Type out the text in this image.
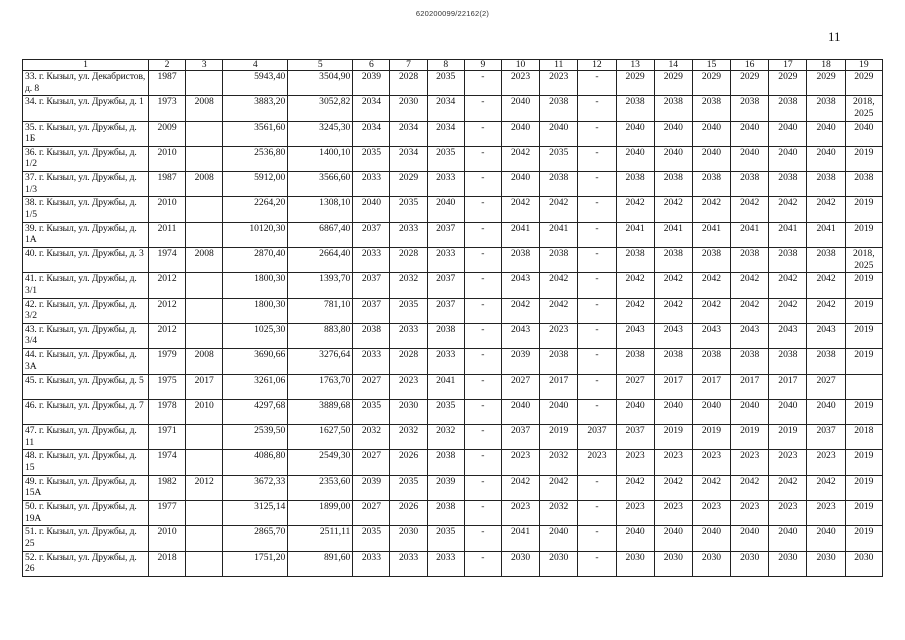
620200099/22162(2)
11
1	2	3	4	5	6	7	8	9	10	11	12	13	14	15	16	17	18	19
33. г. Кызыл, ул. Декабристов, д. 8	1987		5943,40	3504,90	2039	2028	2035	-	2023	2023	-	2029	2029	2029	2029	2029	2029	2029
34. г. Кызыл, ул. Дружбы, д. 1	1973	2008	3883,20	3052,82	2034	2030	2034	-	2040	2038	-	2038	2038	2038	2038	2038	2038	2018, 2025
35. г. Кызыл, ул. Дружбы, д. 1Б	2009		3561,60	3245,30	2034	2034	2034	-	2040	2040	-	2040	2040	2040	2040	2040	2040	2040
36. г. Кызыл, ул. Дружбы, д. 1/2	2010		2536,80	1400,10	2035	2034	2035	-	2042	2035	-	2040	2040	2040	2040	2040	2040	2019
37. г. Кызыл, ул. Дружбы, д. 1/3	1987	2008	5912,00	3566,60	2033	2029	2033	-	2040	2038	-	2038	2038	2038	2038	2038	2038	2038
38. г. Кызыл, ул. Дружбы, д. 1/5	2010		2264,20	1308,10	2040	2035	2040	-	2042	2042	-	2042	2042	2042	2042	2042	2042	2019
39. г. Кызыл, ул. Дружбы, д. 1А	2011		10120,30	6867,40	2037	2033	2037	-	2041	2041	-	2041	2041	2041	2041	2041	2041	2019
40. г. Кызыл, ул. Дружбы, д. 3	1974	2008	2870,40	2664,40	2033	2028	2033	-	2038	2038	-	2038	2038	2038	2038	2038	2038	2018, 2025
41. г. Кызыл, ул. Дружбы, д. 3/1	2012		1800,30	1393,70	2037	2032	2037	-	2043	2042	-	2042	2042	2042	2042	2042	2042	2019
42. г. Кызыл, ул. Дружбы, д. 3/2	2012		1800,30	781,10	2037	2035	2037	-	2042	2042	-	2042	2042	2042	2042	2042	2042	2019
43. г. Кызыл, ул. Дружбы, д. 3/4	2012		1025,30	883,80	2038	2033	2038	-	2043	2023	-	2043	2043	2043	2043	2043	2043	2019
44. г. Кызыл, ул. Дружбы, д. 3А	1979	2008	3690,66	3276,64	2033	2028	2033	-	2039	2038	-	2038	2038	2038	2038	2038	2038	2019
45. г. Кызыл, ул. Дружбы, д. 5	1975	2017	3261,06	1763,70	2027	2023	2041	-	2027	2017	-	2027	2017	2017	2017	2017	2027	
46. г. Кызыл, ул. Дружбы, д. 7	1978	2010	4297,68	3889,68	2035	2030	2035	-	2040	2040	-	2040	2040	2040	2040	2040	2040	2019
47. г. Кызыл, ул. Дружбы, д. 11	1971		2539,50	1627,50	2032	2032	2032	-	2037	2019	2037	2037	2019	2019	2019	2019	2037	2018
48. г. Кызыл, ул. Дружбы, д. 15	1974		4086,80	2549,30	2027	2026	2038	-	2023	2032	2023	2023	2023	2023	2023	2023	2023	2019
49. г. Кызыл, ул. Дружбы, д. 15А	1982	2012	3672,33	2353,60	2039	2035	2039	-	2042	2042	-	2042	2042	2042	2042	2042	2042	2019
50. г. Кызыл, ул. Дружбы, д. 19А	1977		3125,14	1899,00	2027	2026	2038	-	2023	2032	-	2023	2023	2023	2023	2023	2023	2019
51. г. Кызыл, ул. Дружбы, д. 25	2010		2865,70	2511,11	2035	2030	2035	-	2041	2040	-	2040	2040	2040	2040	2040	2040	2019
52. г. Кызыл, ул. Дружбы, д. 26	2018		1751,20	891,60	2033	2033	2033	-	2030	2030	-	2030	2030	2030	2030	2030	2030	2030
